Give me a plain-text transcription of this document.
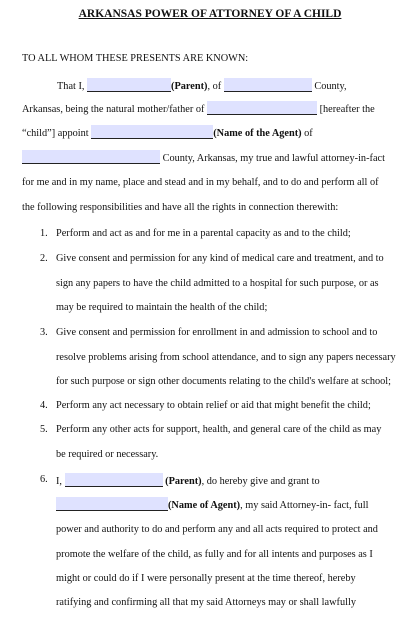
ARKANSAS POWER OF ATTORNEY OF A CHILD
TO ALL WHOM THESE PRESENTS ARE KNOWN:
That I,	(Parent), of	County,
Arkansas, being the natural mother/father of	[hereafter the
“child”] appoint	(Name of the Agent) of
County, Arkansas, my true and lawful attorney-in-fact
for me and in my name, place and stead and in my behalf, and to do and perform all of
the following responsibilities and have all the rights in connection therewith:
1. Perform and act as and for me in a parental capacity as and to the child;
2. Give consent and permission for any kind of medical care and treatment, and to
sign any papers to have the child admitted to a hospital for such purpose, or as
may be required to maintain the health of the child;
3. Give consent and permission for enrollment in and admission to school and to
resolve problems arising from school attendance, and to sign any papers necessary
for such purpose or sign other documents relating to the child's welfare at school;
4. Perform any act necessary to obtain relief or aid that might benefit the child;
5. Perform any other acts for support, health, and general care of the child as may
be required or necessary.
6. I,	(Parent), do hereby give and grant to
(Name of Agent), my said Attorney-in- fact, full
power and authority to do and perform any and all acts required to protect and
promote the welfare of the child, as fully and for all intents and purposes as I
might or could do if I were personally present at the time thereof, hereby
ratifying and confirming all that my said Attorneys may or shall lawfully
